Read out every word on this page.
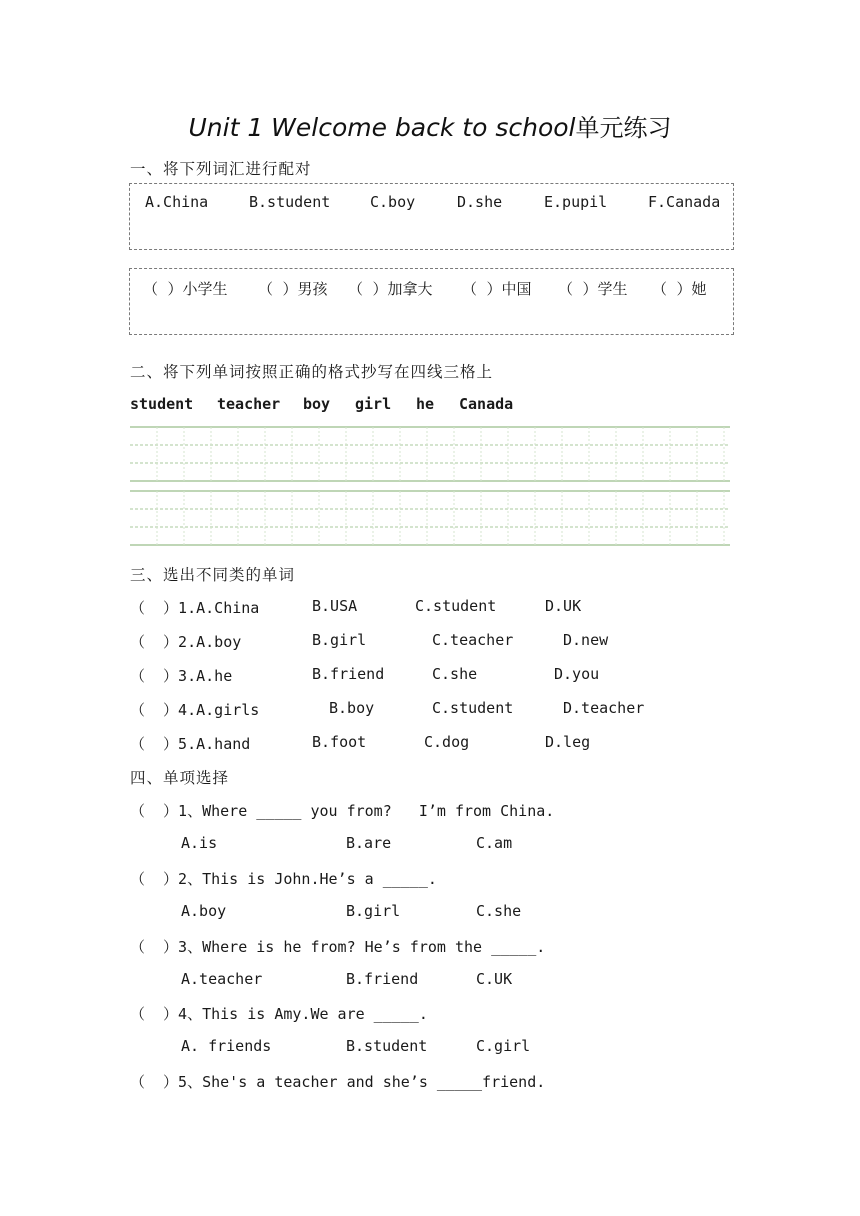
Unit 1 Welcome back to school单元练习
一、将下列词汇进行配对
A.China	B.student	C.boy	D.she	E.pupil	F.Canada
（  ）小学生 （  ）男孩 （  ）加拿大 （  ）中国 （  ）学生 （  ）她
二、将下列单词按照正确的格式抄写在四线三格上
student teacher boy girl he Canada
三、选出不同类的单词
（  ）1.A.China	B.USA	C.student	D.UK
（  ）2.A.boy	B.girl	C.teacher	D.new
（  ）3.A.he	B.friend	C.she	D.you
（  ）4.A.girls	B.boy	C.student	D.teacher
（  ）5.A.hand	B.foot	C.dog	D.leg
四、单项选择
（  ）1、Where _____ you from?   I’m from China.
A.is	B.are	C.am
（  ）2、This is John.He’s a _____.
A.boy	B.girl	C.she
（  ）3、Where is he from? He’s from the _____.
A.teacher	B.friend	C.UK
（  ）4、This is Amy.We are _____.
A. friends	B.student	C.girl
（  ）5、She's a teacher and she’s _____friend.
